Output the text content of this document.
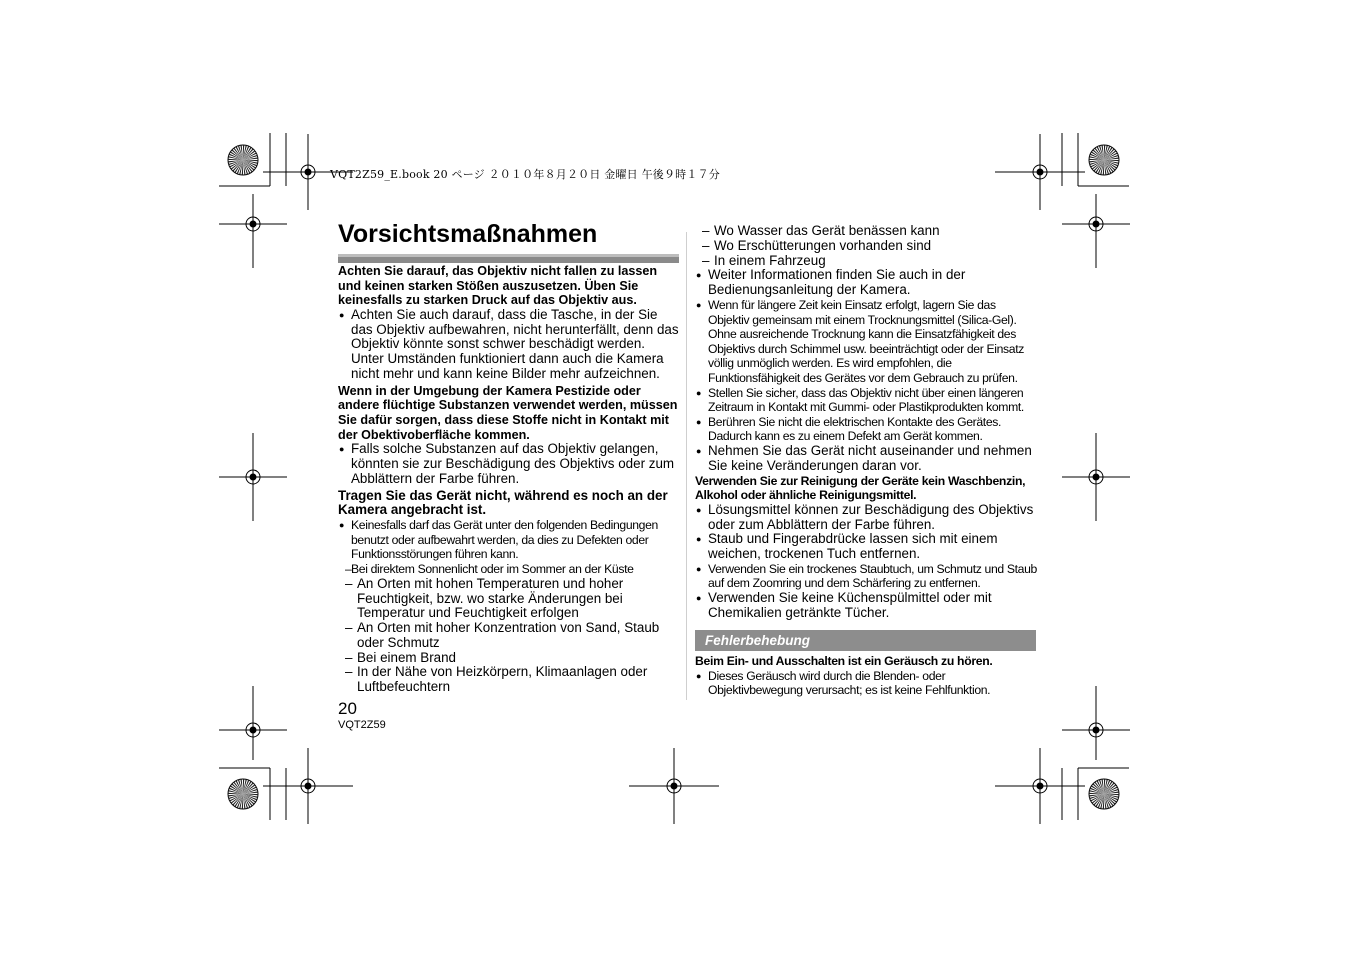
VQT2Z59_E.book 20 ページ ２０１０年８月２０日 金曜日 午後９時１７分
Vorsichtsmaßnahmen

Achten Sie darauf, das Objektiv nicht fallen zu lassen und keinen starken Stößen auszusetzen. Üben Sie keinesfalls zu starken Druck auf das Objektiv aus.

● Achten Sie auch darauf, dass die Tasche, in der Sie das Objektiv aufbewahren, nicht herunterfällt, denn das Objektiv könnte sonst schwer beschädigt werden. Unter Umständen funktioniert dann auch die Kamera nicht mehr und kann keine Bilder mehr aufzeichnen.

Wenn in der Umgebung der Kamera Pestizide oder andere flüchtige Substanzen verwendet werden, müssen Sie dafür sorgen, dass diese Stoffe nicht in Kontakt mit der Obektivoberfläche kommen.

● Falls solche Substanzen auf das Objektiv gelangen, könnten sie zur Beschädigung des Objektivs oder zum Abblättern der Farbe führen.

Tragen Sie das Gerät nicht, während es noch an der Kamera angebracht ist.

● Keinesfalls darf das Gerät unter den folgenden Bedingungen benutzt oder aufbewahrt werden, da dies zu Defekten oder Funktionsstörungen führen kann.

– Bei direktem Sonnenlicht oder im Sommer an der Küste

– An Orten mit hohen Temperaturen und hoher Feuchtigkeit, bzw. wo starke Änderungen bei Temperatur und Feuchtigkeit erfolgen

– An Orten mit hoher Konzentration von Sand, Staub oder Schmutz

– Bei einem Brand

– In der Nähe von Heizkörpern, Klimaanlagen oder Luftbefeuchtern

– Wo Wasser das Gerät benässen kann

– Wo Erschütterungen vorhanden sind

– In einem Fahrzeug

● Weiter Informationen finden Sie auch in der Bedienungsanleitung der Kamera.

● Wenn für längere Zeit kein Einsatz erfolgt, lagern Sie das Objektiv gemeinsam mit einem Trocknungsmittel (Silica-Gel). Ohne ausreichende Trocknung kann die Einsatzfähigkeit des Objektivs durch Schimmel usw. beeinträchtigt oder der Einsatz völlig unmöglich werden. Es wird empfohlen, die Funktionsfähigkeit des Gerätes vor dem Gebrauch zu prüfen.

● Stellen Sie sicher, dass das Objektiv nicht über einen längeren Zeitraum in Kontakt mit Gummi- oder Plastikprodukten kommt.

● Berühren Sie nicht die elektrischen Kontakte des Gerätes. Dadurch kann es zu einem Defekt am Gerät kommen.

● Nehmen Sie das Gerät nicht auseinander und nehmen Sie keine Veränderungen daran vor.

Verwenden Sie zur Reinigung der Geräte kein Waschbenzin, Alkohol oder ähnliche Reinigungsmittel.

● Lösungsmittel können zur Beschädigung des Objektivs oder zum Abblättern der Farbe führen.

● Staub und Fingerabdrücke lassen sich mit einem weichen, trockenen Tuch entfernen.

● Verwenden Sie ein trockenes Staubtuch, um Schmutz und Staub auf dem Zoomring und dem Schärfering zu entfernen.

● Verwenden Sie keine Küchenspülmittel oder mit Chemikalien getränkte Tücher.

Fehlerbehebung

Beim Ein- und Ausschalten ist ein Geräusch zu hören.

● Dieses Geräusch wird durch die Blenden- oder Objektivbewegung verursacht; es ist keine Fehlfunktion.

20
VQT2Z59
